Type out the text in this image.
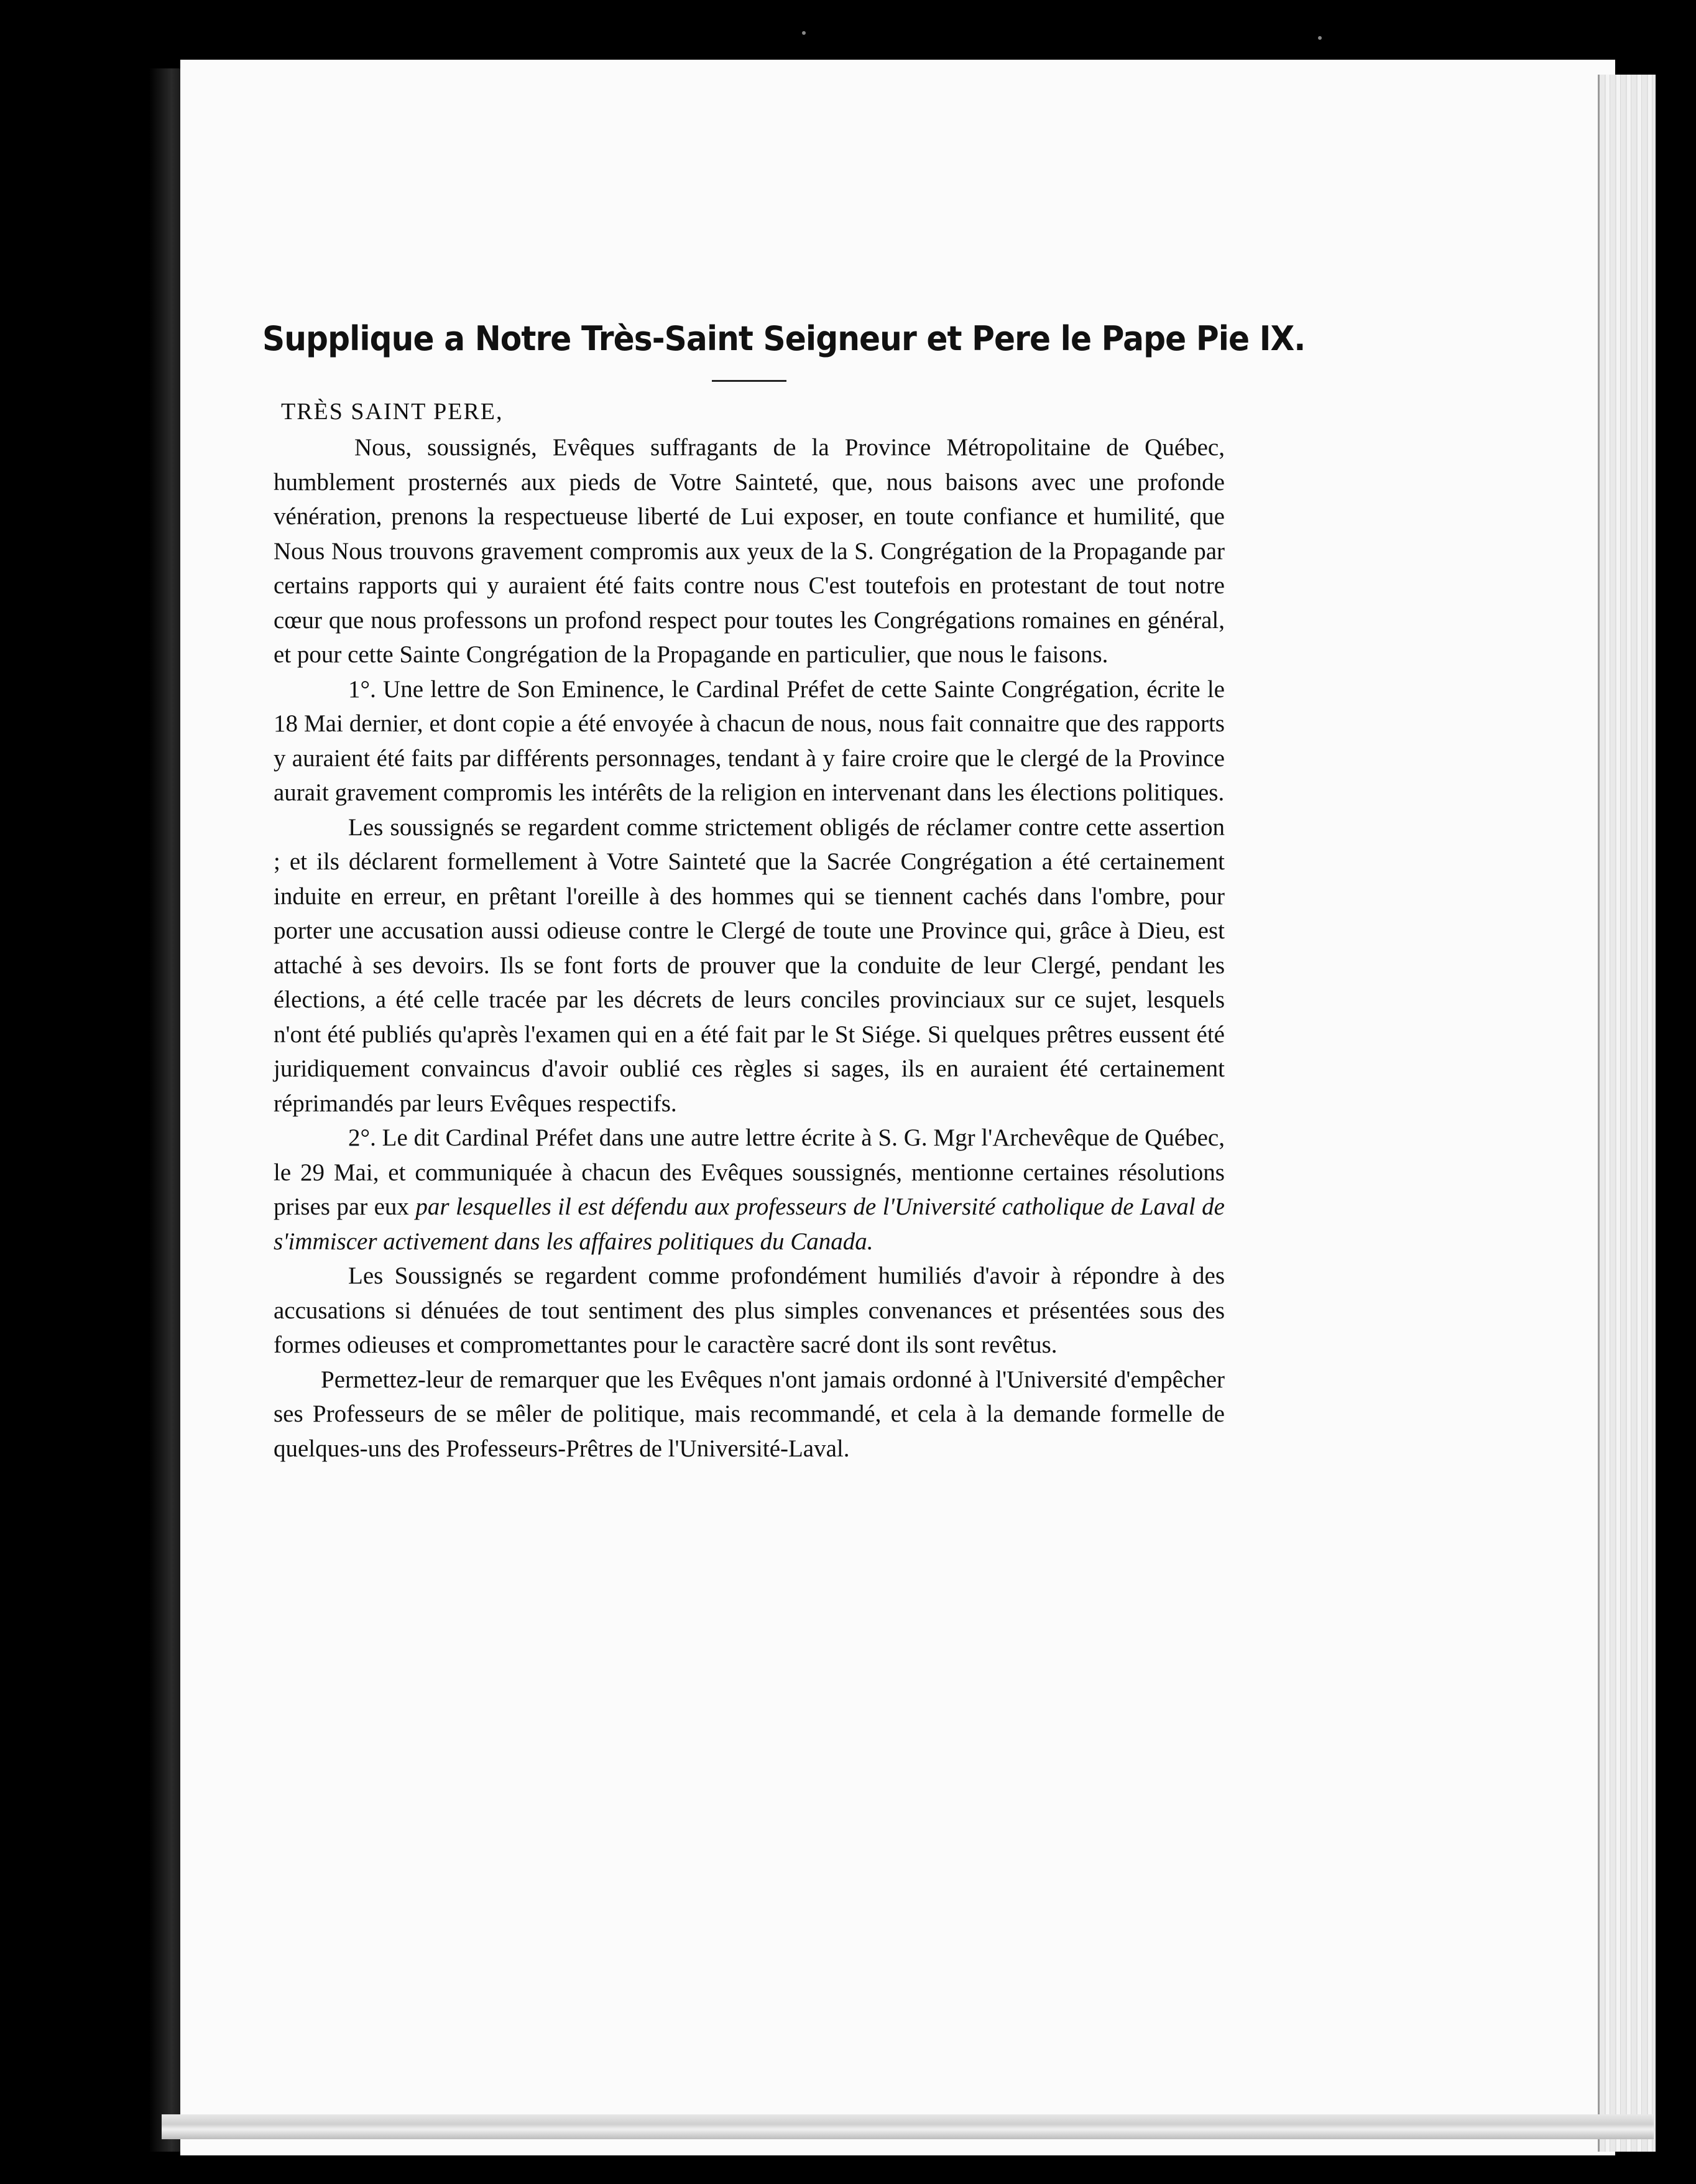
Supplique a Notre Très-Saint Seigneur et Pere le Pape Pie IX.
TRÈS SAINT PERE,

Nous, soussignés, Evêques suffragants de la Province Métropolitaine de Québec, humblement prosternés aux pieds de Votre Sainteté, que, nous baisons avec une profonde vénération, prenons la respectueuse liberté de Lui exposer, en toute confiance et humilité, que Nous Nous trouvons gravement compromis aux yeux de la S. Congrégation de la Propagande par certains rapports qui y auraient été faits contre nous C'est toutefois en protestant de tout notre cœur que nous professons un profond respect pour toutes les Congrégations romaines en général, et pour cette Sainte Congrégation de la Propagande en particulier, que nous le faisons.

1°. Une lettre de Son Eminence, le Cardinal Préfet de cette Sainte Congrégation, écrite le 18 Mai dernier, et dont copie a été envoyée à chacun de nous, nous fait connaitre que des rapports y auraient été faits par différents personnages, tendant à y faire croire que le clergé de la Province aurait gravement compromis les intérêts de la religion en intervenant dans les élections politiques.

Les soussignés se regardent comme strictement obligés de réclamer contre cette assertion ; et ils déclarent formellement à Votre Sainteté que la Sacrée Congrégation a été certainement induite en erreur, en prêtant l'oreille à des hommes qui se tiennent cachés dans l'ombre, pour porter une accusation aussi odieuse contre le Clergé de toute une Province qui, grâce à Dieu, est attaché à ses devoirs. Ils se font forts de prouver que la conduite de leur Clergé, pendant les élections, a été celle tracée par les décrets de leurs conciles provinciaux sur ce sujet, lesquels n'ont été publiés qu'après l'examen qui en a été fait par le St Siége. Si quelques prêtres eussent été juridiquement convaincus d'avoir oublié ces règles si sages, ils en auraient été certainement réprimandés par leurs Evêques respectifs.

2°. Le dit Cardinal Préfet dans une autre lettre écrite à S. G. Mgr l'Archevêque de Québec, le 29 Mai, et communiquée à chacun des Evêques soussignés, mentionne certaines résolutions prises par eux par lesquelles il est défendu aux professeurs de l'Université catholique de Laval de s'immiscer activement dans les affaires politiques du Canada.

Les Soussignés se regardent comme profondément humiliés d'avoir à répondre à des accusations si dénuées de tout sentiment des plus simples convenances et présentées sous des formes odieuses et compromettantes pour le caractère sacré dont ils sont revêtus.

Permettez-leur de remarquer que les Evêques n'ont jamais ordonné à l'Université d'empêcher ses Professeurs de se mêler de politique, mais recommandé, et cela à la demande formelle de quelques-uns des Professeurs-Prêtres de l'Université-Laval.
